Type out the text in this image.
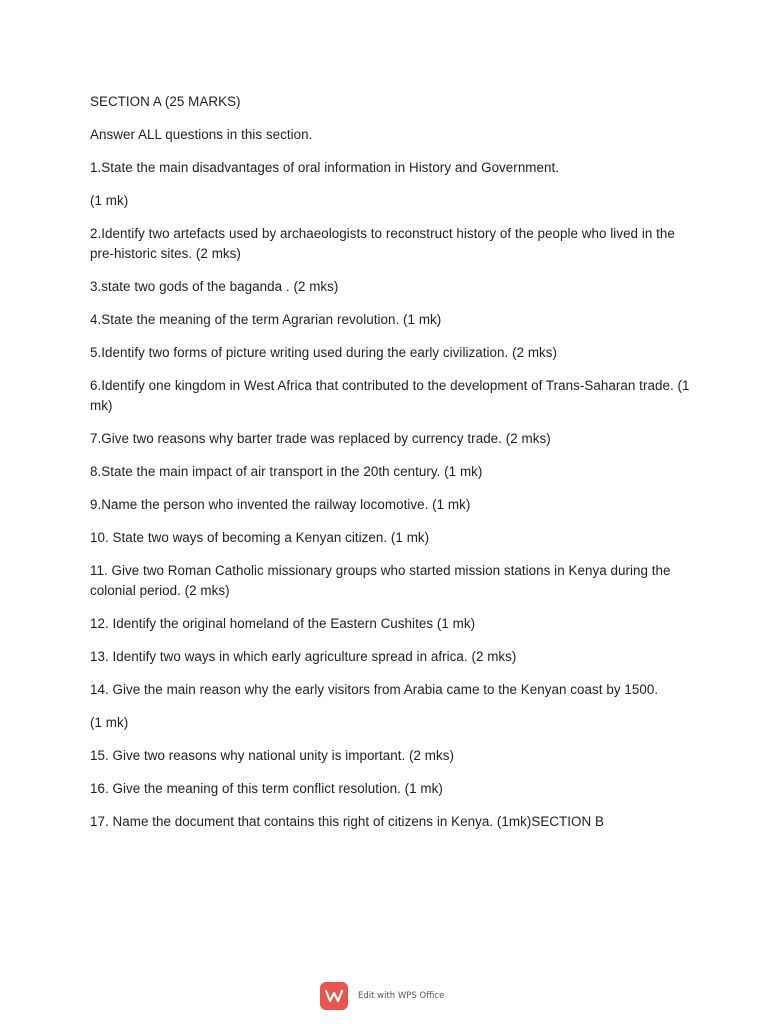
SECTION A (25 MARKS)

Answer ALL questions in this section.

1.State the main disadvantages of oral information in History and Government.

(1 mk)

2.Identify two artefacts used by archaeologists to reconstruct history of the people who lived in the pre-historic sites. (2 mks)

3.state two gods of the baganda . (2 mks)

4.State the meaning of the term Agrarian revolution. (1 mk)

5.Identify two forms of picture writing used during the early civilization. (2 mks)

6.Identify one kingdom in West Africa that contributed to the development of Trans-Saharan trade. (1 mk)

7.Give two reasons why barter trade was replaced by currency trade. (2 mks)

8.State the main impact of air transport in the 20th century. (1 mk)

9.Name the person who invented the railway locomotive. (1 mk)

10. State two ways of becoming a Kenyan citizen. (1 mk)

11. Give two Roman Catholic missionary groups who started mission stations in Kenya during the colonial period. (2 mks)

12. Identify the original homeland of the Eastern Cushites (1 mk)

13. Identify two ways in which early agriculture spread in africa. (2 mks)

14. Give the main reason why the early visitors from Arabia came to the Kenyan coast by 1500.

(1 mk)

15. Give two reasons why national unity is important. (2 mks)

16. Give the meaning of this term conflict resolution. (1 mk)

17. Name the document that contains this right of citizens in Kenya. (1mk)SECTION B

Edit with WPS Office
